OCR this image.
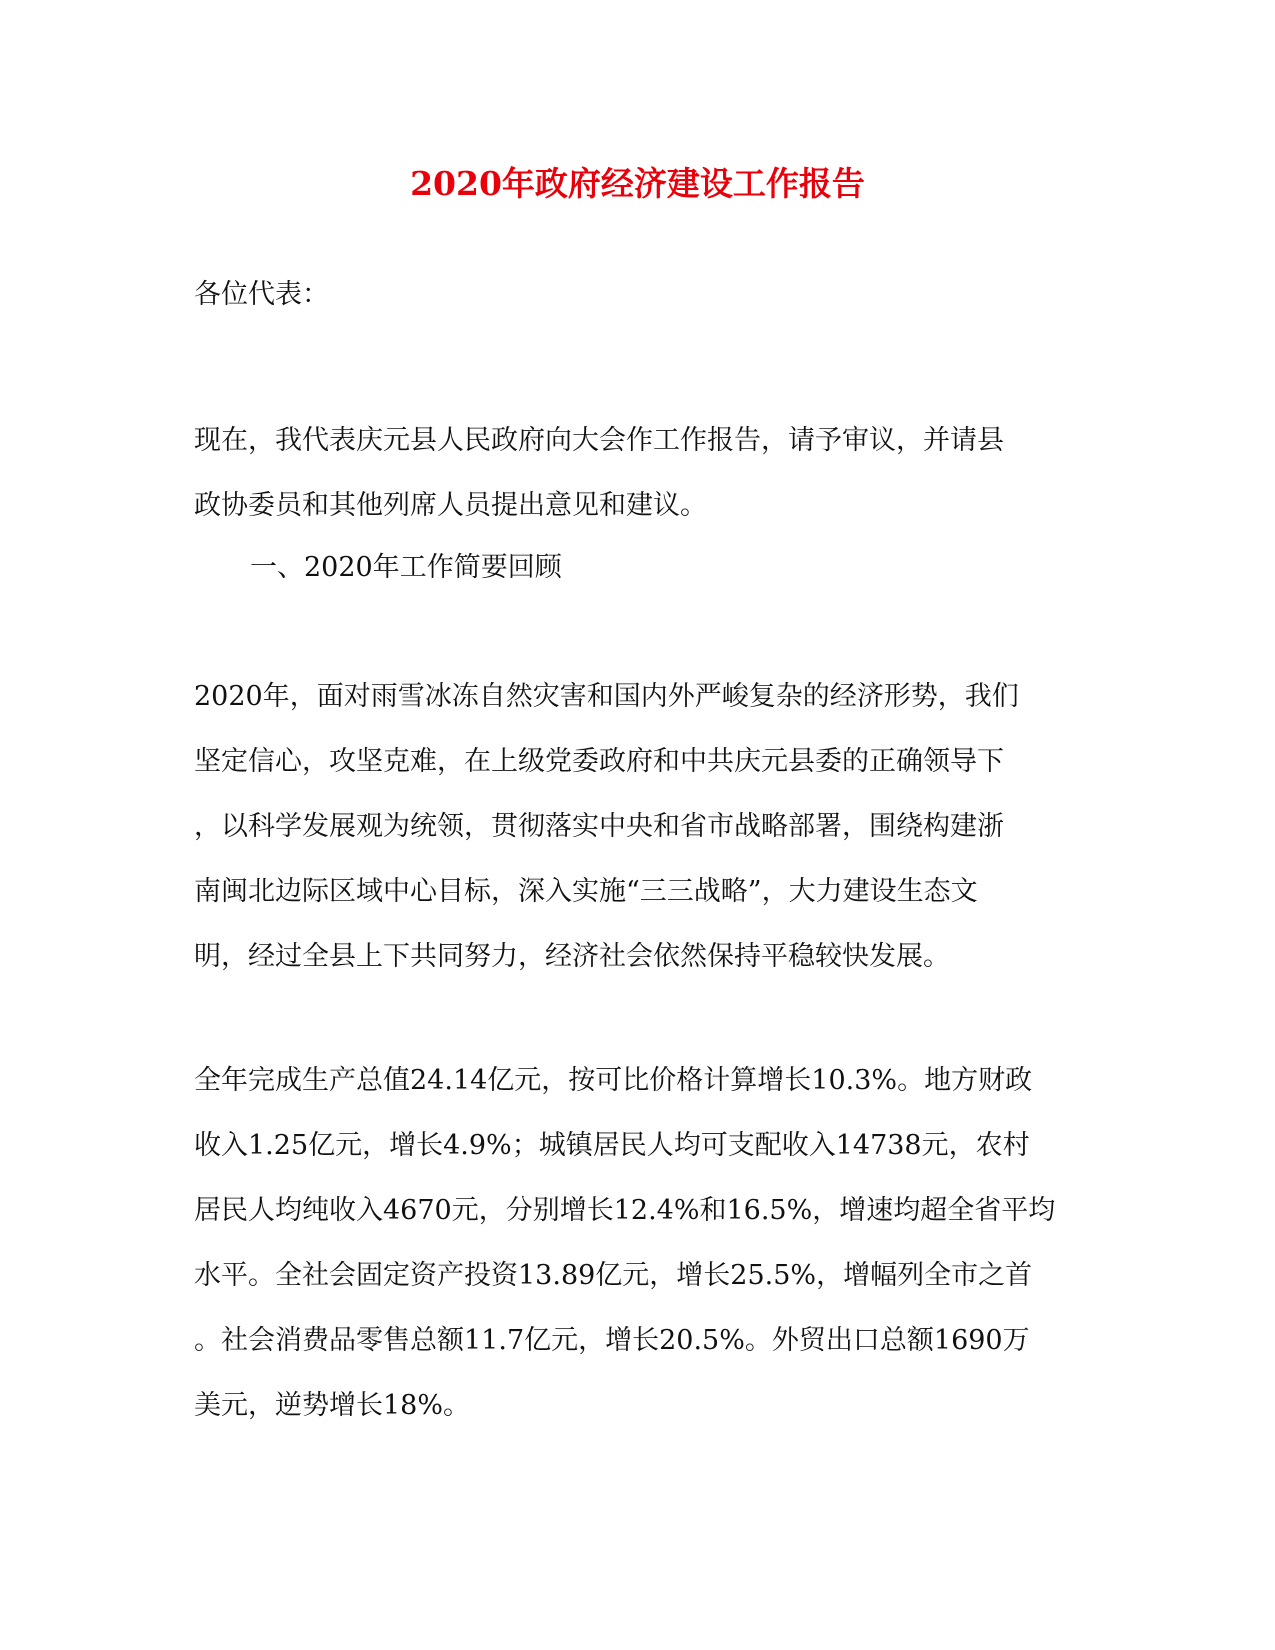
2020年政府经济建设工作报告

各位代表：

现在，我代表庆元县人民政府向大会作工作报告，请予审议，并请县
政协委员和其他列席人员提出意见和建议。

一、2020年工作简要回顾

2020年，面对雨雪冰冻自然灾害和国内外严峻复杂的经济形势，我们
坚定信心，攻坚克难，在上级党委政府和中共庆元县委的正确领导下
，以科学发展观为统领，贯彻落实中央和省市战略部署，围绕构建浙
南闽北边际区域中心目标，深入实施“三三战略”，大力建设生态文
明，经过全县上下共同努力，经济社会依然保持平稳较快发展。
全年完成生产总值24.14亿元，按可比价格计算增长10.3%。地方财政
收入1.25亿元，增长4.9%；城镇居民人均可支配收入14738元，农村
居民人均纯收入4670元，分别增长12.4%和16.5%，增速均超全省平均
水平。全社会固定资产投资13.89亿元，增长25.5%，增幅列全市之首
。社会消费品零售总额11.7亿元，增长20.5%。外贸出口总额1690万
美元，逆势增长18%。
